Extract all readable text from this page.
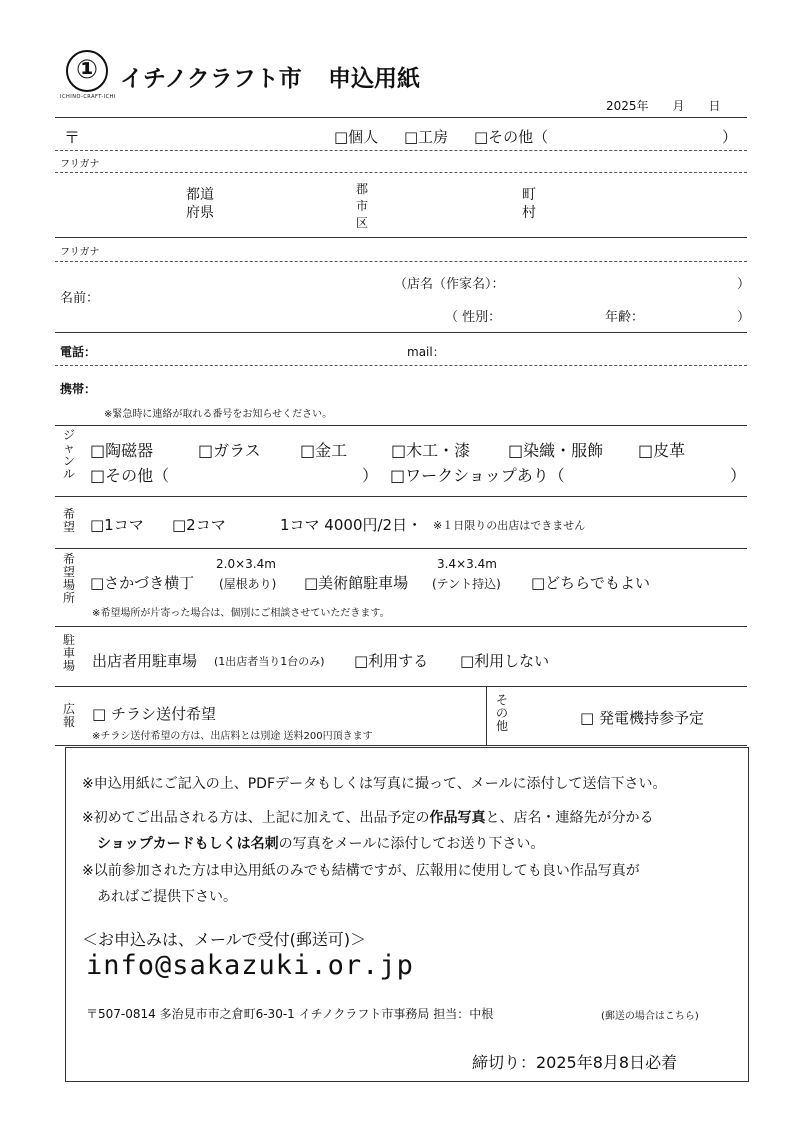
①
ICHINO-CRAFT-ICHI
イチノクラフト市 申込用紙
2025年　　月　　日
〒	□個人 □工房 □その他（	）
フリガナ
都道
府県
郡
市
区
町
村
フリガナ
名前：
（店名（作家名）：	）
（ 性別：	年齢：	）
電話：	mail：
携帯：
※緊急時に連絡が取れる番号をお知らせください。
ジャンル
□陶磁器	□ガラス □金工	□木工・漆 □染織・服飾 □皮革
□その他（	） □ワークショップあり（	）
希望 □1コマ □2コマ	1コマ 4000円/2日・ ※１日限りの出店はできません
希望場所
2.0×3.4m	3.4×3.4m
□さかづき横丁 (屋根あり) □美術館駐車場 (テント持込) □どちらでもよい
※希望場所が片寄った場合は、個別にご相談させていただきます。
駐車場 出店者用駐車場 (1出店者当り1台のみ) □利用する □利用しない
広報 □ チラシ送付希望
※チラシ送付希望の方は、出店料とは別途 送料200円頂きます
その他	□ 発電機持参予定
※申込用紙にご記入の上、PDFデータもしくは写真に撮って、メールに添付して送信下さい。
※初めてご出品される方は、上記に加えて、出品予定の作品写真と、店名・連絡先が分かる
ショップカードもしくは名刺の写真をメールに添付してお送り下さい。
※以前参加された方は申込用紙のみでも結構ですが、広報用に使用しても良い作品写真が
あればご提供下さい。
＜お申込みは、メールで受付(郵送可)＞
info@sakazuki.or.jp
〒507-0814 多治見市市之倉町6-30-1 イチノクラフト市事務局 担当：中根	(郵送の場合はこちら)
締切り：2025年8月8日必着
